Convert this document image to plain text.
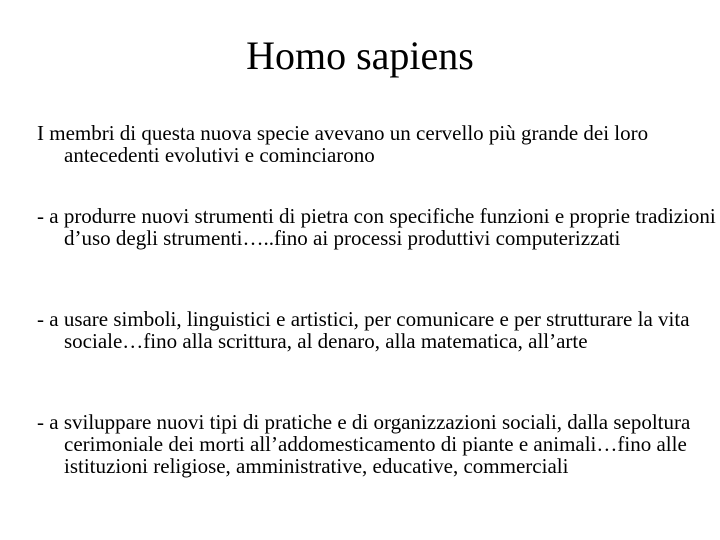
Homo sapiens

I membri di questa nuova specie avevano un cervello più grande dei loro antecedenti evolutivi e cominciarono

- a produrre nuovi strumenti di pietra con specifiche funzioni e proprie tradizioni d’uso degli strumenti…..fino ai processi produttivi computerizzati

- a usare simboli, linguistici e artistici, per comunicare e per strutturare la vita sociale…fino alla scrittura, al denaro, alla matematica, all’arte

- a sviluppare nuovi tipi di pratiche e di organizzazioni sociali, dalla sepoltura cerimoniale dei morti all’addomesticamento di piante e animali…fino alle istituzioni religiose, amministrative, educative, commerciali
